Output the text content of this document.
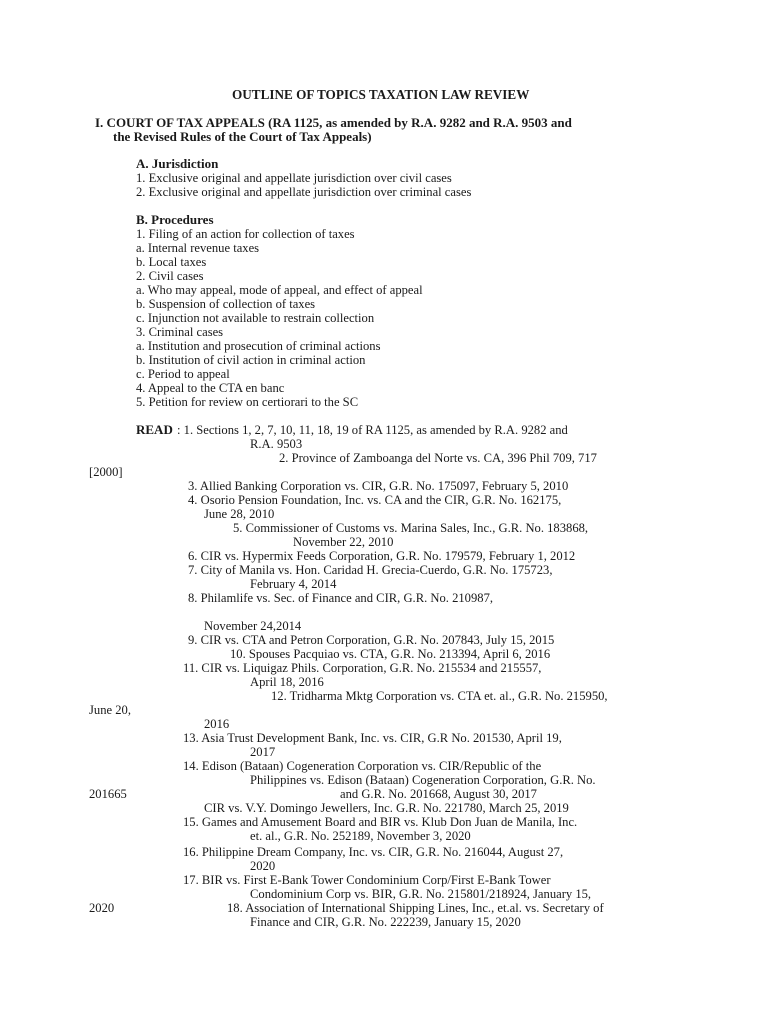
OUTLINE OF TOPICS TAXATION LAW REVIEW
I. COURT OF TAX APPEALS (RA 1125, as amended by R.A. 9282 and R.A. 9503 and
the Revised Rules of the Court of Tax Appeals)
A. Jurisdiction
1. Exclusive original and appellate jurisdiction over civil cases
2. Exclusive original and appellate jurisdiction over criminal cases
B. Procedures
1. Filing of an action for collection of taxes
a. Internal revenue taxes
b. Local taxes
2. Civil cases
a. Who may appeal, mode of appeal, and effect of appeal
b. Suspension of collection of taxes
c. Injunction not available to restrain collection
3. Criminal cases
a. Institution and prosecution of criminal actions
b. Institution of civil action in criminal action
c. Period to appeal
4. Appeal to the CTA en banc
5. Petition for review on certiorari to the SC
READ : 1. Sections 1, 2, 7, 10, 11, 18, 19 of RA 1125, as amended by R.A. 9282 and
R.A. 9503
2. Province of Zamboanga del Norte vs. CA, 396 Phil 709, 717
[2000]
3. Allied Banking Corporation vs. CIR, G.R. No. 175097, February 5, 2010
4. Osorio Pension Foundation, Inc. vs. CA and the CIR, G.R. No. 162175,
June 28, 2010
5. Commissioner of Customs vs. Marina Sales, Inc., G.R. No. 183868,
November 22, 2010
6. CIR vs. Hypermix Feeds Corporation, G.R. No. 179579, February 1, 2012
7. City of Manila vs. Hon. Caridad H. Grecia-Cuerdo, G.R. No. 175723,
February 4, 2014
8. Philamlife vs. Sec. of Finance and CIR, G.R. No. 210987,
November 24,2014
9. CIR vs. CTA and Petron Corporation, G.R. No. 207843, July 15, 2015
10. Spouses Pacquiao vs. CTA, G.R. No. 213394, April 6, 2016
11. CIR vs. Liquigaz Phils. Corporation, G.R. No. 215534 and 215557,
April 18, 2016
12. Tridharma Mktg Corporation vs. CTA et. al., G.R. No. 215950,
June 20,
2016
13. Asia Trust Development Bank, Inc. vs. CIR, G.R No. 201530, April 19,
2017
14. Edison (Bataan) Cogeneration Corporation vs. CIR/Republic of the
Philippines vs. Edison (Bataan) Cogeneration Corporation, G.R. No.
201665	and G.R. No. 201668, August 30, 2017
CIR vs. V.Y. Domingo Jewellers, Inc. G.R. No. 221780, March 25, 2019
15. Games and Amusement Board and BIR vs. Klub Don Juan de Manila, Inc.
et. al., G.R. No. 252189, November 3, 2020
16. Philippine Dream Company, Inc. vs. CIR, G.R. No. 216044, August 27,
2020
17. BIR vs. First E-Bank Tower Condominium Corp/First E-Bank Tower
Condominium Corp vs. BIR, G.R. No. 215801/218924, January 15,
2020	18. Association of International Shipping Lines, Inc., et.al. vs. Secretary of
Finance and CIR, G.R. No. 222239, January 15, 2020
